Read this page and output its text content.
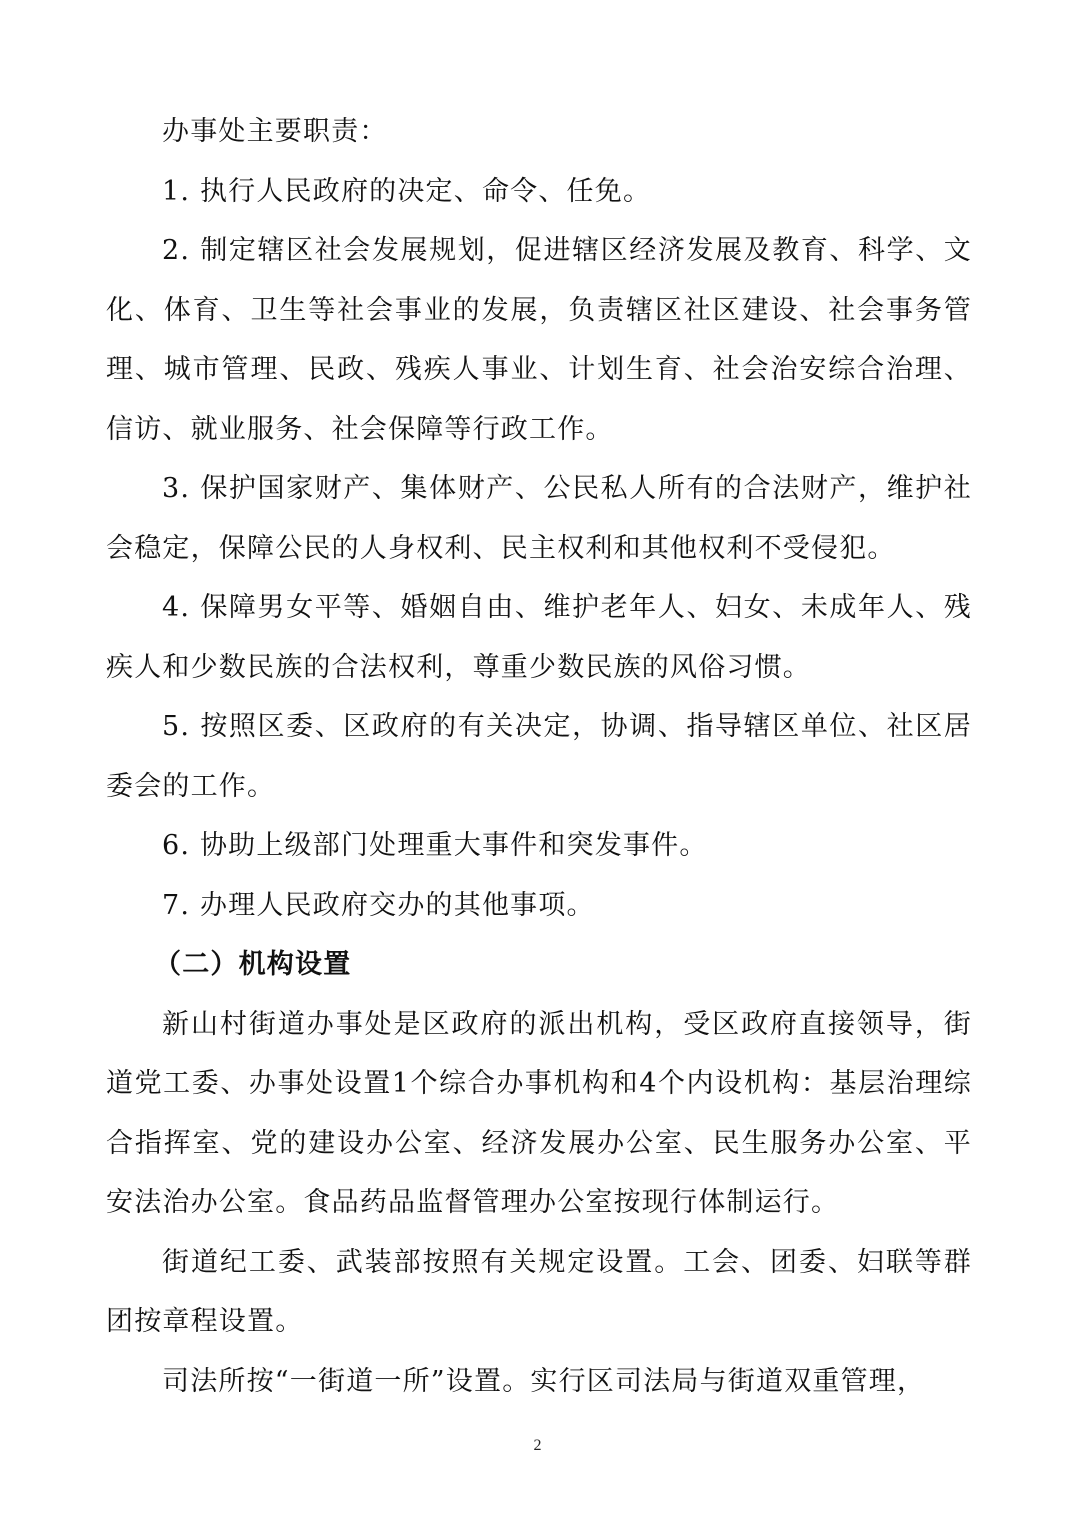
办事处主要职责：

1. 执行人民政府的决定、命令、任免。

2. 制定辖区社会发展规划，促进辖区经济发展及教育、科学、文化、体育、卫生等社会事业的发展，负责辖区社区建设、社会事务管理、城市管理、民政、残疾人事业、计划生育、社会治安综合治理、信访、就业服务、社会保障等行政工作。

3. 保护国家财产、集体财产、公民私人所有的合法财产，维护社会稳定，保障公民的人身权利、民主权利和其他权利不受侵犯。

4. 保障男女平等、婚姻自由、维护老年人、妇女、未成年人、残疾人和少数民族的合法权利，尊重少数民族的风俗习惯。

5. 按照区委、区政府的有关决定，协调、指导辖区单位、社区居委会的工作。

6. 协助上级部门处理重大事件和突发事件。

7. 办理人民政府交办的其他事项。

（二）机构设置

新山村街道办事处是区政府的派出机构，受区政府直接领导，街道党工委、办事处设置1个综合办事机构和4个内设机构：基层治理综合指挥室、党的建设办公室、经济发展办公室、民生服务办公室、平安法治办公室。食品药品监督管理办公室按现行体制运行。

街道纪工委、武装部按照有关规定设置。工会、团委、妇联等群团按章程设置。

司法所按“一街道一所”设置。实行区司法局与街道双重管理，

2
